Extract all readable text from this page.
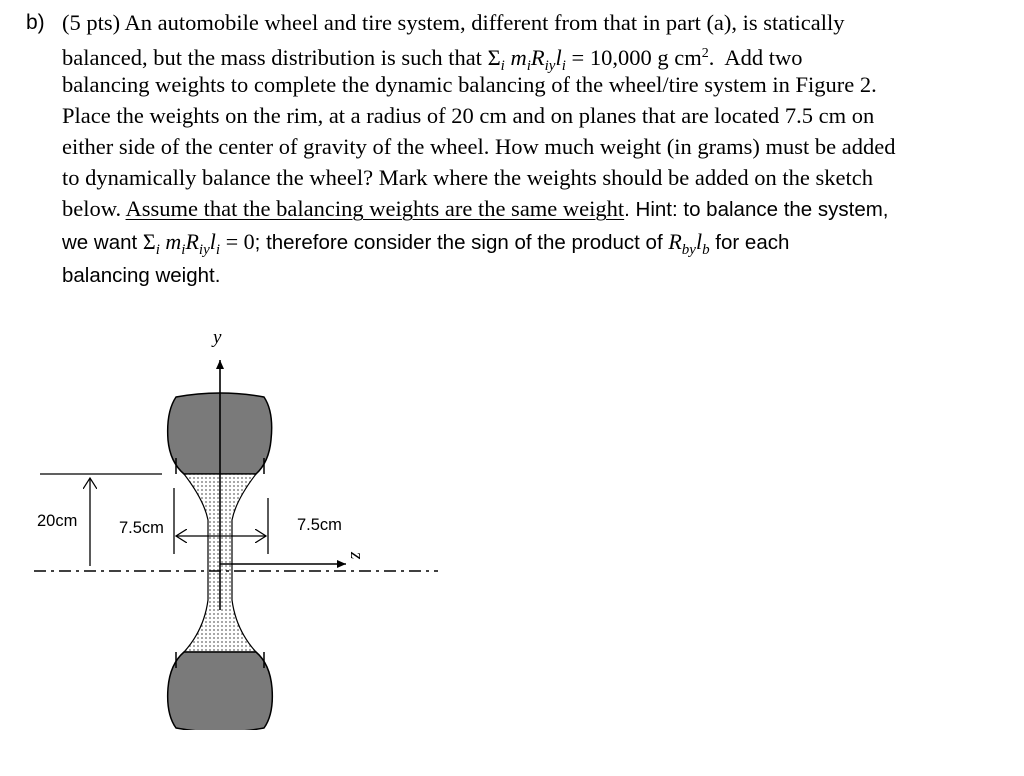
b) (5 pts) An automobile wheel and tire system, different from that in part (a), is statically
balanced, but the mass distribution is such that $\Sigma_i$ $m_iR_{iy}l_i = 10,000$ g $cm^2$. Add two
balancing weights to complete the dynamic balancing of the wheel/tire system in Figure 2.
Place the weights on the rim, at a radius of 20 cm and on planes that are located 7.5 cm on
either side of the center of gravity of the wheel. How much weight (in grams) must be added
to dynamically balance the wheel? Mark where the weights should be added on the sketch
below. Assume that the balancing weights are the same weight. Hint: to balance the system,
we want $\Sigma_i$ $m_iR_{iy}l_i = 0$; therefore consider the sign of the product of $R_{by}l_b$ for each
balancing weight.
y
z
20cm	7.5cm	7.5cm
